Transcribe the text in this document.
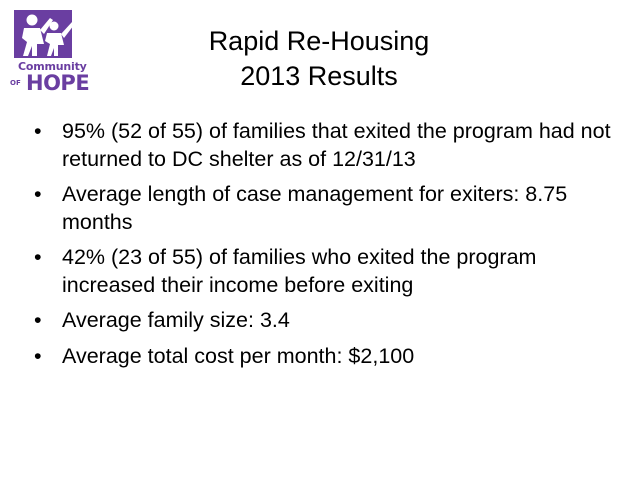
Community
OF HOPE
Rapid Re-Housing
2013 Results
• 95% (52 of 55) of families that exited the program had not returned to DC shelter as of 12/31/13
• Average length of case management for exiters: 8.75 months
• 42% (23 of 55) of families who exited the program increased their income before exiting
• Average family size: 3.4
• Average total cost per month: $2,100
